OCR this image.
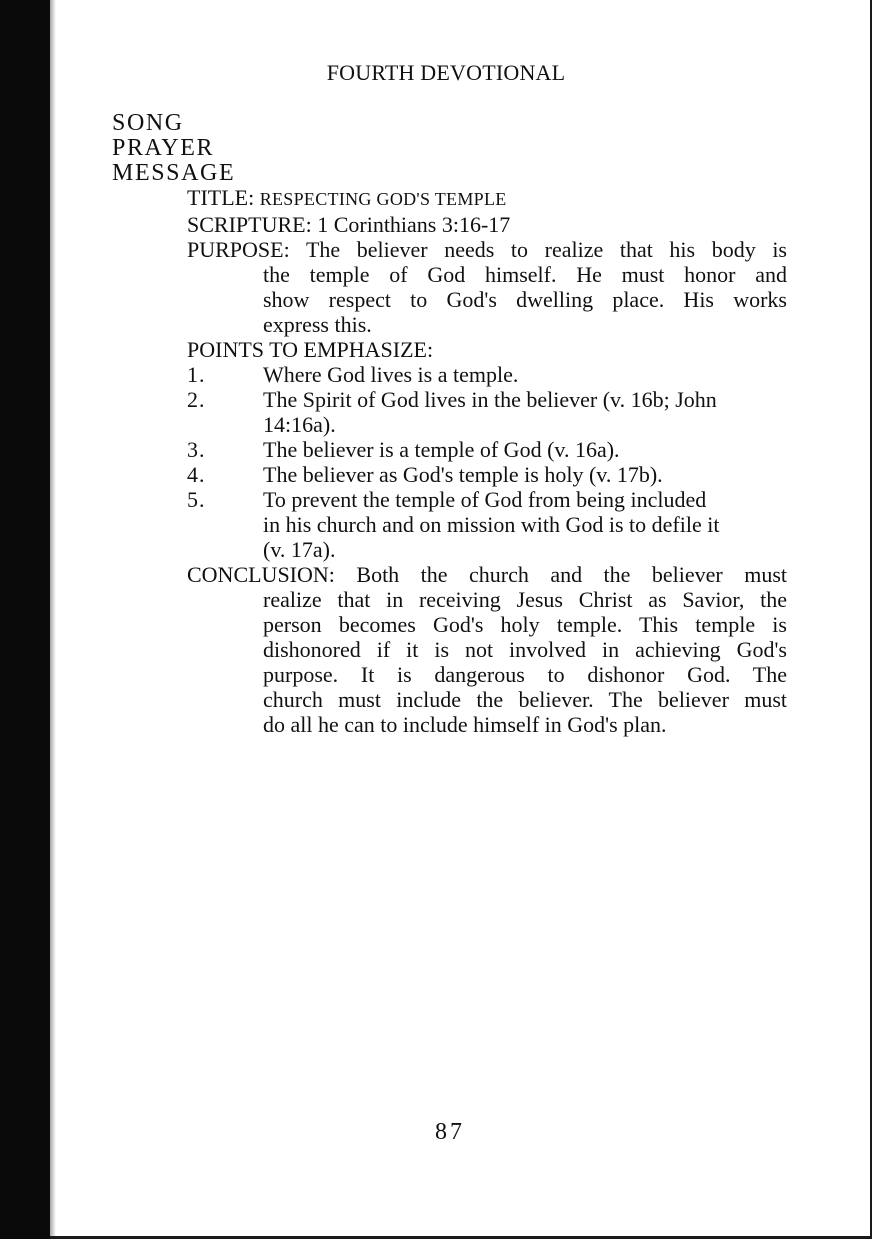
FOURTH DEVOTIONAL
SONG
PRAYER
MESSAGE
TITLE: RESPECTING GOD'S TEMPLE
SCRIPTURE: 1 Corinthians 3:16-17
PURPOSE: The believer needs to realize that his body is
the temple of God himself. He must honor and
show respect to God's dwelling place. His works
express this.
POINTS TO EMPHASIZE:
1.	Where God lives is a temple.
2.	The Spirit of God lives in the believer (v. 16b; John
14:16a).
3.	The believer is a temple of God (v. 16a).
4.	The believer as God's temple is holy (v. 17b).
5.	To prevent the temple of God from being included
in his church and on mission with God is to defile it
(v. 17a).
CONCLUSION: Both the church and the believer must
realize that in receiving Jesus Christ as Savior, the
person becomes God's holy temple. This temple is
dishonored if it is not involved in achieving God's
purpose. It is dangerous to dishonor God. The
church must include the believer. The believer must
do all he can to include himself in God's plan.
87
